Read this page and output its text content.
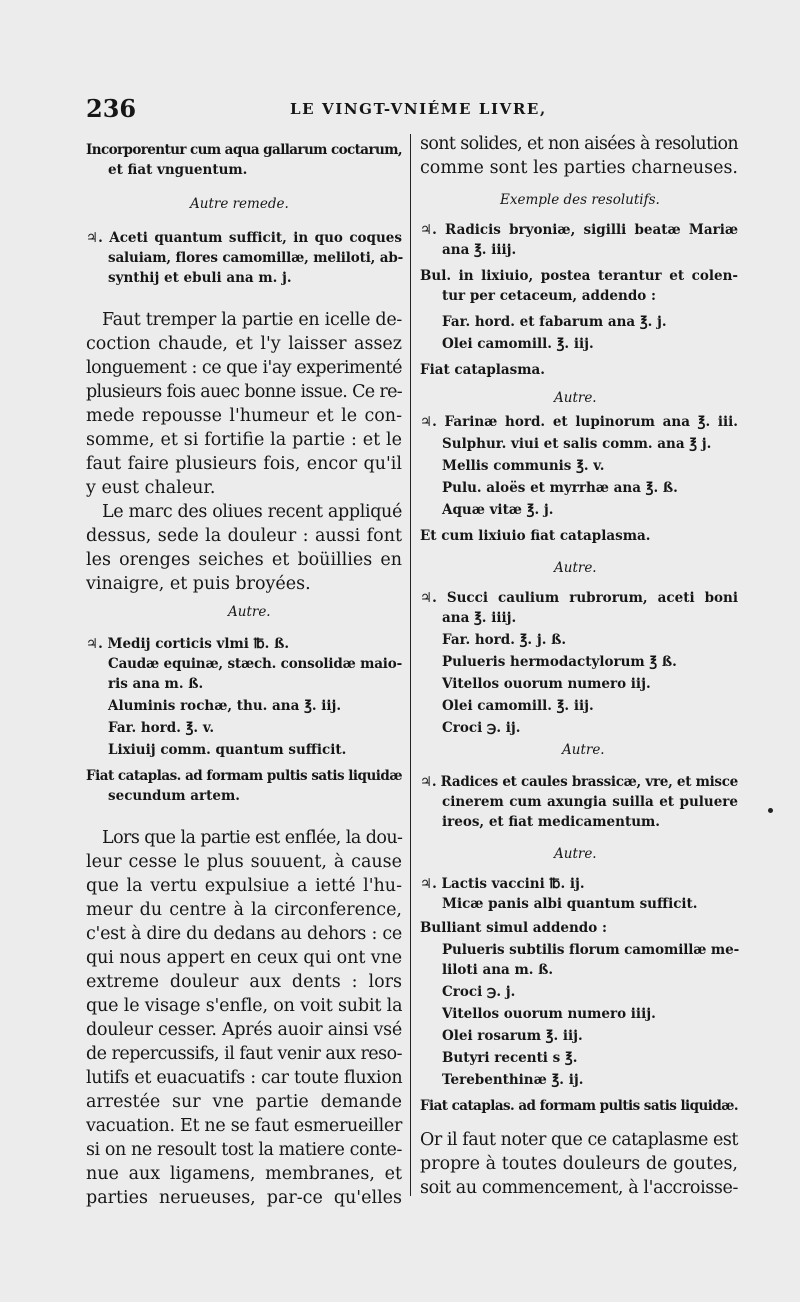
236	LE VINGT-VNIÉME LIVRE,
Incorporentur cum aqua gallarum coctarum,
et fiat vnguentum.
Autre remede.
♃. Aceti quantum sufficit, in quo coques
saluiam, flores camomillæ, meliloti, ab-
synthij et ebuli ana m. j.
Faut tremper la partie en icelle de-
coction chaude, et l'y laisser assez
longuement : ce que i'ay experimenté
plusieurs fois auec bonne issue. Ce re-
mede repousse l'humeur et le con-
somme, et si fortifie la partie : et le
faut faire plusieurs fois, encor qu'il
y eust chaleur.
Le marc des oliues recent appliqué
dessus, sede la douleur : aussi font
les orenges seiches et boüillies en
vinaigre, et puis broyées.
Autre.
♃. Medij corticis vlmi ℔. ß.
Caudæ equinæ, stæch. consolidæ maio-
ris ana m. ß.
Aluminis rochæ, thu. ana ℥. iij.
Far. hord. ℥. v.
Lixiuij comm. quantum sufficit.
Fiat cataplas. ad formam pultis satis liquidæ
secundum artem.
Lors que la partie est enflée, la dou-
leur cesse le plus souuent, à cause
que la vertu expulsiue a ietté l'hu-
meur du centre à la circonference,
c'est à dire du dedans au dehors : ce
qui nous appert en ceux qui ont vne
extreme douleur aux dents : lors
que le visage s'enfle, on voit subit la
douleur cesser. Aprés auoir ainsi vsé
de repercussifs, il faut venir aux reso-
lutifs et euacuatifs : car toute fluxion
arrestée sur vne partie demande
vacuation. Et ne se faut esmerueiller
si on ne resoult tost la matiere conte-
nue aux ligamens, membranes, et
parties nerueuses, par-ce qu'elles
sont solides, et non aisées à resolution
comme sont les parties charneuses.
Exemple des resolutifs.
♃. Radicis bryoniæ, sigilli beatæ Mariæ
ana ℥. iiij.
Bul. in lixiuio, postea terantur et colen-
tur per cetaceum, addendo :
Far. hord. et fabarum ana ℥. j.
Olei camomill. ℥. iij.
Fiat cataplasma.
Autre.
♃. Farinæ hord. et lupinorum ana ℥. iii.
Sulphur. viui et salis comm. ana ℥ j.
Mellis communis ℥. v.
Pulu. aloës et myrrhæ ana ℥. ß.
Aquæ vitæ ℥. j.
Et cum lixiuio fiat cataplasma.
Autre.
♃. Succi caulium rubrorum, aceti boni
ana ℥. iiij.
Far. hord. ℥. j. ß.
Pulueris hermodactylorum ℥ ß.
Vitellos ouorum numero iij.
Olei camomill. ℥. iij.
Croci ℈. ij.
Autre.
♃. Radices et caules brassicæ, vre, et misce
cinerem cum axungia suilla et puluere
ireos, et fiat medicamentum.
Autre.
♃. Lactis vaccini ℔. ij.
Micæ panis albi quantum sufficit.
Bulliant simul addendo :
Pulueris subtilis florum camomillæ me-
liloti ana m. ß.
Croci ℈. j.
Vitellos ouorum numero iiij.
Olei rosarum ℥. iij.
Butyri recenti s ℥.
Terebenthinæ ℥. ij.
Fiat cataplas. ad formam pultis satis liquidæ.
Or il faut noter que ce cataplasme est
propre à toutes douleurs de goutes,
soit au commencement, à l'accroisse-
